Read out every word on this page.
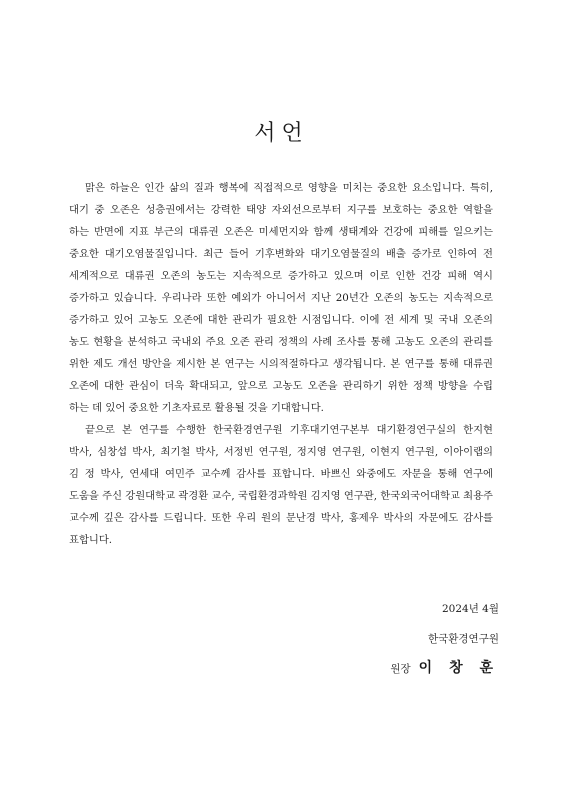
서언
맑은 하늘은 인간 삶의 질과 행복에 직접적으로 영향을 미치는 중요한 요소입니다. 특히,
대기 중 오존은 성층권에서는 강력한 태양 자외선으로부터 지구를 보호하는 중요한 역할을
하는 반면에 지표 부근의 대류권 오존은 미세먼지와 함께 생태계와 건강에 피해를 일으키는
중요한 대기오염물질입니다. 최근 들어 기후변화와 대기오염물질의 배출 증가로 인하여 전
세계적으로 대류권 오존의 농도는 지속적으로 증가하고 있으며 이로 인한 건강 피해 역시
증가하고 있습니다. 우리나라 또한 예외가 아니어서 지난 20년간 오존의 농도는 지속적으로
증가하고 있어 고농도 오존에 대한 관리가 필요한 시점입니다. 이에 전 세계 및 국내 오존의
농도 현황을 분석하고 국내외 주요 오존 관리 정책의 사례 조사를 통해 고농도 오존의 관리를
위한 제도 개선 방안을 제시한 본 연구는 시의적절하다고 생각됩니다. 본 연구를 통해 대류권
오존에 대한 관심이 더욱 확대되고, 앞으로 고농도 오존을 관리하기 위한 정책 방향을 수립
하는 데 있어 중요한 기초자료로 활용될 것을 기대합니다.
끝으로 본 연구를 수행한 한국환경연구원 기후대기연구본부 대기환경연구실의 한지현
박사, 심창섭 박사, 최기철 박사, 서정빈 연구원, 정지영 연구원, 이현지 연구원, 이아이랩의
김 정 박사, 연세대 여민주 교수께 감사를 표합니다. 바쁘신 와중에도 자문을 통해 연구에
도움을 주신 강원대학교 곽경환 교수, 국립환경과학원 김지영 연구관, 한국외국어대학교 최용주
교수께 깊은 감사를 드립니다. 또한 우리 원의 문난경 박사, 홍제우 박사의 자문에도 감사를
표합니다.
2024년 4월
한국환경연구원
원장 이 창 훈
